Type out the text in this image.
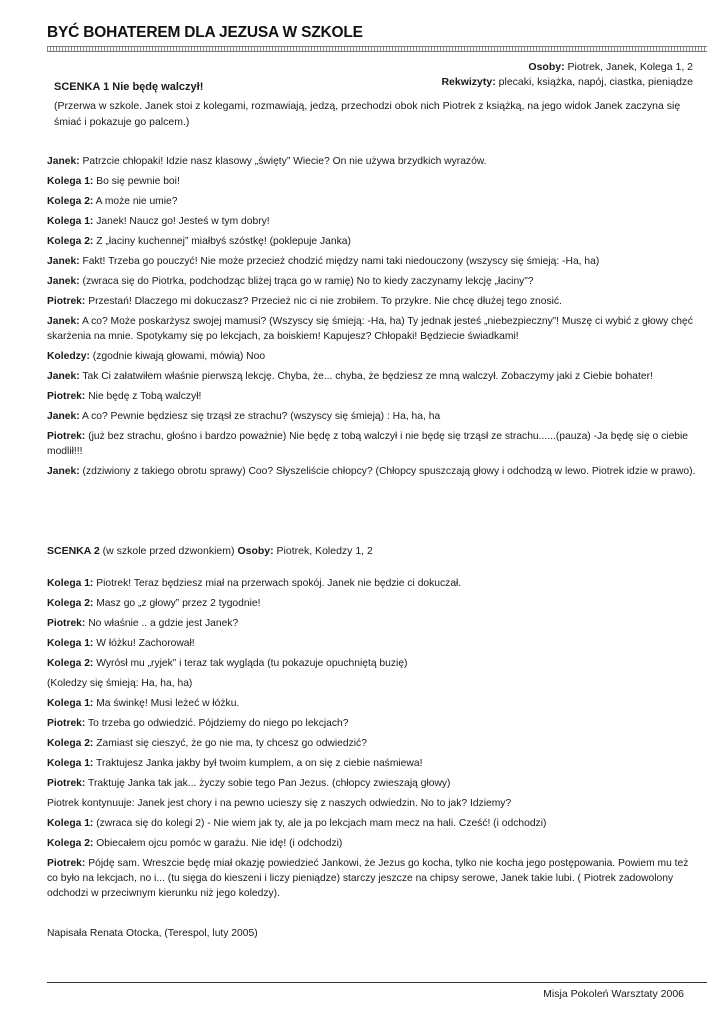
BYĆ BOHATEREM DLA JEZUSA W SZKOLE
Osoby: Piotrek, Janek, Kolega 1, 2
Rekwizyty: plecaki, książka, napój, ciastka, pieniądze
SCENKA 1 Nie będę walczył!
(Przerwa w szkole. Janek stoi z kolegami, rozmawiają, jedzą, przechodzi obok nich Piotrek z książką, na jego widok Janek zaczyna się śmiać i pokazuje go palcem.)
Janek: Patrzcie chłopaki! Idzie nasz klasowy „święty” Wiecie? On nie używa brzydkich wyrazów.
Kolega 1: Bo się pewnie boi!
Kolega 2: A może nie umie?
Kolega 1: Janek! Naucz go! Jesteś w tym dobry!
Kolega 2: Z „łaciny kuchennej” miałbyś szóstkę! (poklepuje Janka)
Janek: Fakt! Trzeba go pouczyć! Nie może przecież chodzić między nami taki niedouczony (wszyscy się śmieją: -Ha, ha)
Janek: (zwraca się do Piotrka, podchodząc bliżej trąca go w ramię) No to kiedy zaczynamy lekcję „łaciny”?
Piotrek: Przestań! Dlaczego mi dokuczasz? Przecież nic ci nie zrobiłem. To przykre. Nie chcę dłużej tego znosić.
Janek: A co? Może poskarżysz swojej mamusi? (Wszyscy się śmieją: -Ha, ha) Ty jednak jesteś „niebezpieczny”! Muszę ci wybić z głowy chęć skarżenia na mnie. Spotykamy się po lekcjach, za boiskiem! Kapujesz? Chłopaki! Będziecie świadkami!
Koledzy: (zgodnie kiwają głowami, mówią) Noo
Janek: Tak Ci załatwiłem właśnie pierwszą lekcję. Chyba, że... chyba, że będziesz ze mną walczył. Zobaczymy jaki z Ciebie bohater!
Piotrek: Nie będę z Tobą walczył!
Janek: A co? Pewnie będziesz się trząsł ze strachu? (wszyscy się śmieją) : Ha, ha, ha
Piotrek: (już bez strachu, głośno i bardzo poważnie) Nie będę z tobą walczył i nie będę się trząsł ze strachu......(pauza) -Ja będę się o ciebie modlił!!!
Janek: (zdziwiony z takiego obrotu sprawy) Coo? Słyszeliście chłopcy? (Chłopcy spuszczają głowy i odchodzą w lewo. Piotrek idzie w prawo).
SCENKA 2 (w szkole przed dzwonkiem) Osoby: Piotrek, Koledzy 1, 2
Kolega 1: Piotrek! Teraz będziesz miał na przerwach spokój. Janek nie będzie ci dokuczał.
Kolega 2: Masz go „z głowy” przez 2 tygodnie!
Piotrek: No właśnie .. a gdzie jest Janek?
Kolega 1: W łóżku! Zachorował!
Kolega 2: Wyrósł mu „ryjek” i teraz tak wygląda (tu pokazuje opuchniętą buzię)
(Koledzy się śmieją: Ha, ha, ha)
Kolega 1: Ma świnkę! Musi leżeć w łóżku.
Piotrek: To trzeba go odwiedzić. Pójdziemy do niego po lekcjach?
Kolega 2: Zamiast się cieszyć, że go nie ma, ty chcesz go odwiedzić?
Kolega 1: Traktujesz Janka jakby był twoim kumplem, a on się z ciebie naśmiewa!
Piotrek: Traktuję Janka tak jak... życzy sobie tego Pan Jezus. (chłopcy zwieszają głowy)
Piotrek kontynuuje: Janek jest chory i na pewno ucieszy się z naszych odwiedzin. No to jak? Idziemy?
Kolega 1: (zwraca się do kolegi 2) - Nie wiem jak ty, ale ja po lekcjach mam mecz na hali. Cześć! (i odchodzi)
Kolega 2: Obiecałem ojcu pomóc w garażu. Nie idę! (i odchodzi)
Piotrek: Pójdę sam. Wreszcie będę miał okazję powiedzieć Jankowi, że Jezus go kocha, tylko nie kocha jego postępowania. Powiem mu też co było na lekcjach, no i... (tu sięga do kieszeni i liczy pieniądze) starczy jeszcze na chipsy serowe, Janek takie lubi. ( Piotrek zadowolony odchodzi w przeciwnym kierunku niż jego koledzy).
Napisała Renata Otocka, (Terespol, luty 2005)
Misja Pokoleń Warsztaty 2006
